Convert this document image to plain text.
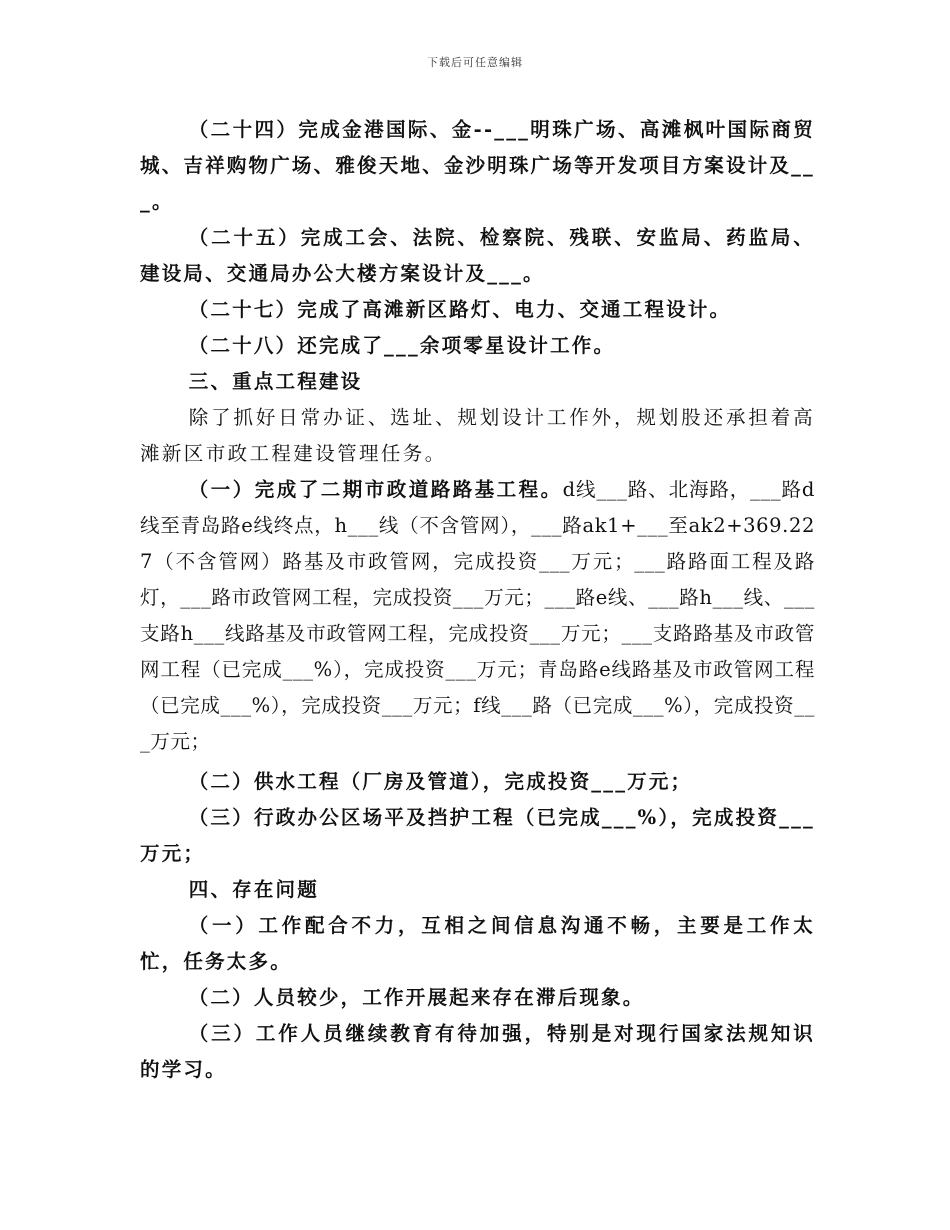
下载后可任意编辑

（二十四）完成金港国际、金--___明珠广场、高滩枫叶国际商贸城、吉祥购物广场、雅俊天地、金沙明珠广场等开发项目方案设计及___。

（二十五）完成工会、法院、检察院、残联、安监局、药监局、建设局、交通局办公大楼方案设计及___。

（二十七）完成了高滩新区路灯、电力、交通工程设计。

（二十八）还完成了___余项零星设计工作。

三、重点工程建设

除了抓好日常办证、选址、规划设计工作外，规划股还承担着高滩新区市政工程建设管理任务。

（一）完成了二期市政道路路基工程。d线___路、北海路，___路d线至青岛路e线终点，h___线（不含管网），___路ak1+___至ak2+369.227（不含管网）路基及市政管网，完成投资___万元；___路路面工程及路灯，___路市政管网工程，完成投资___万元；___路e线、___路h___线、___支路h___线路基及市政管网工程，完成投资___万元；___支路路基及市政管网工程（已完成___%），完成投资___万元；青岛路e线路基及市政管网工程（已完成___%），完成投资___万元；f线___路（已完成___%），完成投资___万元；

（二）供水工程（厂房及管道），完成投资___万元；

（三）行政办公区场平及挡护工程（已完成___%），完成投资___万元；

四、存在问题

（一）工作配合不力，互相之间信息沟通不畅，主要是工作太忙，任务太多。

（二）人员较少，工作开展起来存在滞后现象。

（三）工作人员继续教育有待加强，特别是对现行国家法规知识的学习。
